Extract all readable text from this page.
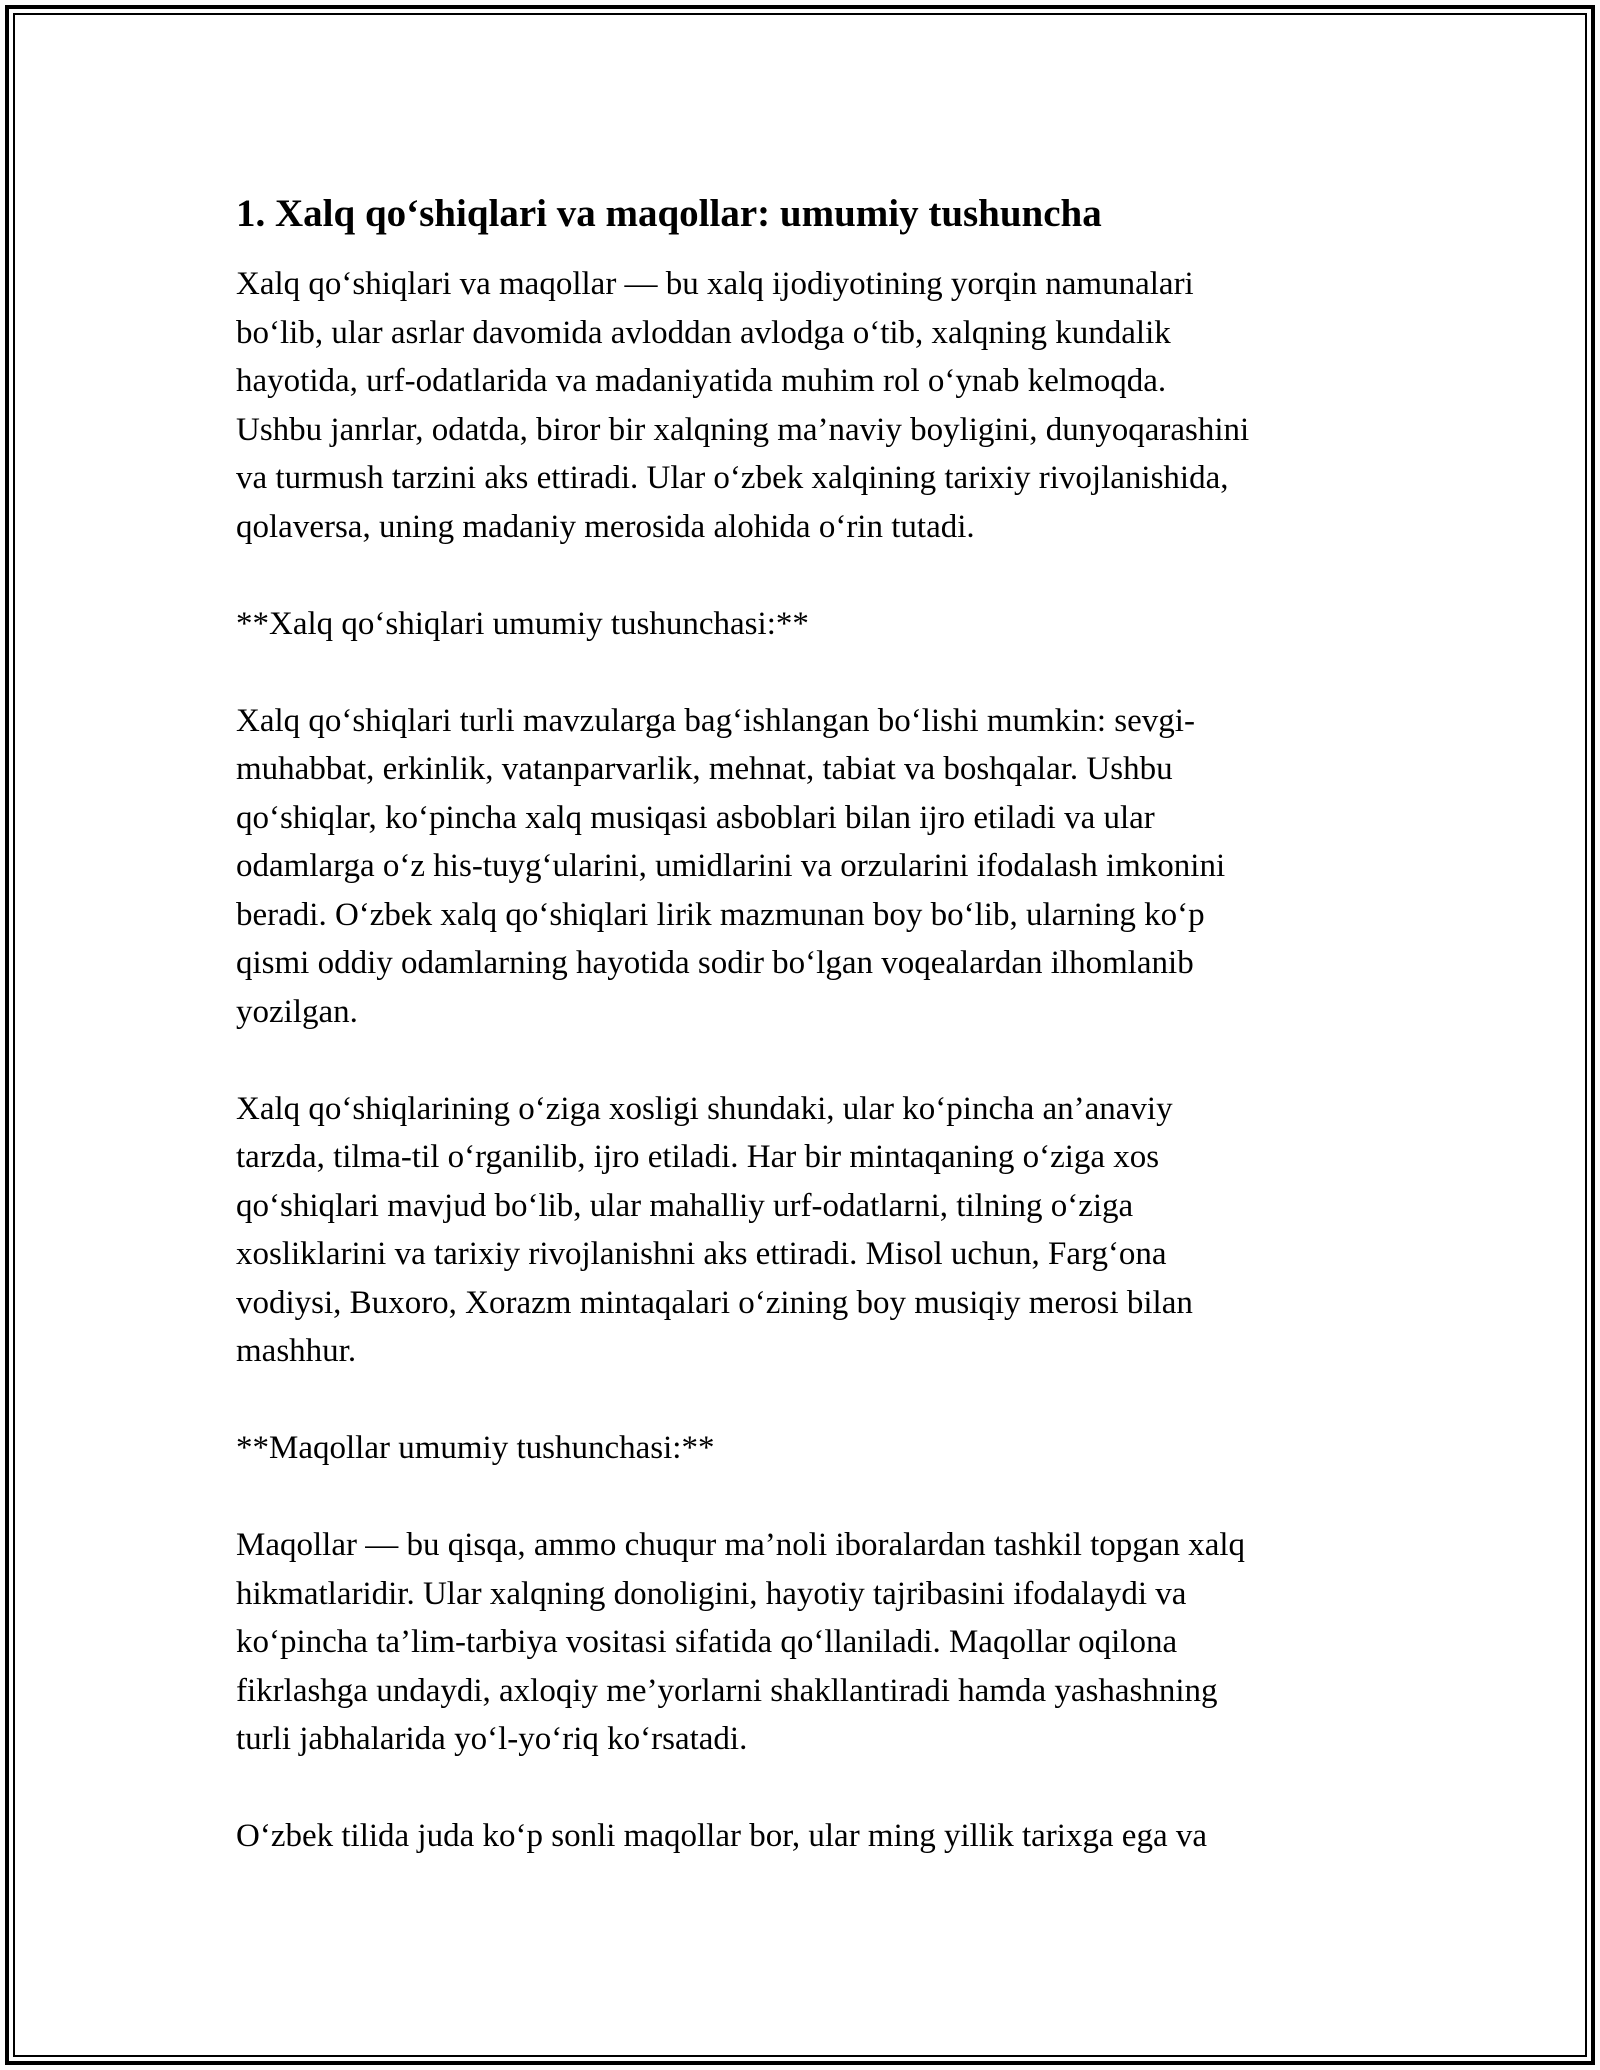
1. Xalq qo‘shiqlari va maqollar: umumiy tushuncha
Xalq qo‘shiqlari va maqollar — bu xalq ijodiyotining yorqin namunalari
bo‘lib, ular asrlar davomida avloddan avlodga o‘tib, xalqning kundalik
hayotida, urf-odatlarida va madaniyatida muhim rol o‘ynab kelmoqda.
Ushbu janrlar, odatda, biror bir xalqning ma’naviy boyligini, dunyoqarashini
va turmush tarzini aks ettiradi. Ular o‘zbek xalqining tarixiy rivojlanishida,
qolaversa, uning madaniy merosida alohida o‘rin tutadi.
**Xalq qo‘shiqlari umumiy tushunchasi:**
Xalq qo‘shiqlari turli mavzularga bag‘ishlangan bo‘lishi mumkin: sevgi-
muhabbat, erkinlik, vatanparvarlik, mehnat, tabiat va boshqalar. Ushbu
qo‘shiqlar, ko‘pincha xalq musiqasi asboblari bilan ijro etiladi va ular
odamlarga o‘z his-tuyg‘ularini, umidlarini va orzularini ifodalash imkonini
beradi. O‘zbek xalq qo‘shiqlari lirik mazmunan boy bo‘lib, ularning ko‘p
qismi oddiy odamlarning hayotida sodir bo‘lgan voqealardan ilhomlanib
yozilgan.
Xalq qo‘shiqlarining o‘ziga xosligi shundaki, ular ko‘pincha an’anaviy
tarzda, tilma-til o‘rganilib, ijro etiladi. Har bir mintaqaning o‘ziga xos
qo‘shiqlari mavjud bo‘lib, ular mahalliy urf-odatlarni, tilning o‘ziga
xosliklarini va tarixiy rivojlanishni aks ettiradi. Misol uchun, Farg‘ona
vodiysi, Buxoro, Xorazm mintaqalari o‘zining boy musiqiy merosi bilan
mashhur.
**Maqollar umumiy tushunchasi:**
Maqollar — bu qisqa, ammo chuqur ma’noli iboralardan tashkil topgan xalq
hikmatlaridir. Ular xalqning donoligini, hayotiy tajribasini ifodalaydi va
ko‘pincha ta’lim-tarbiya vositasi sifatida qo‘llaniladi. Maqollar oqilona
fikrlashga undaydi, axloqiy me’yorlarni shakllantiradi hamda yashashning
turli jabhalarida yo‘l-yo‘riq ko‘rsatadi.
O‘zbek tilida juda ko‘p sonli maqollar bor, ular ming yillik tarixga ega va
